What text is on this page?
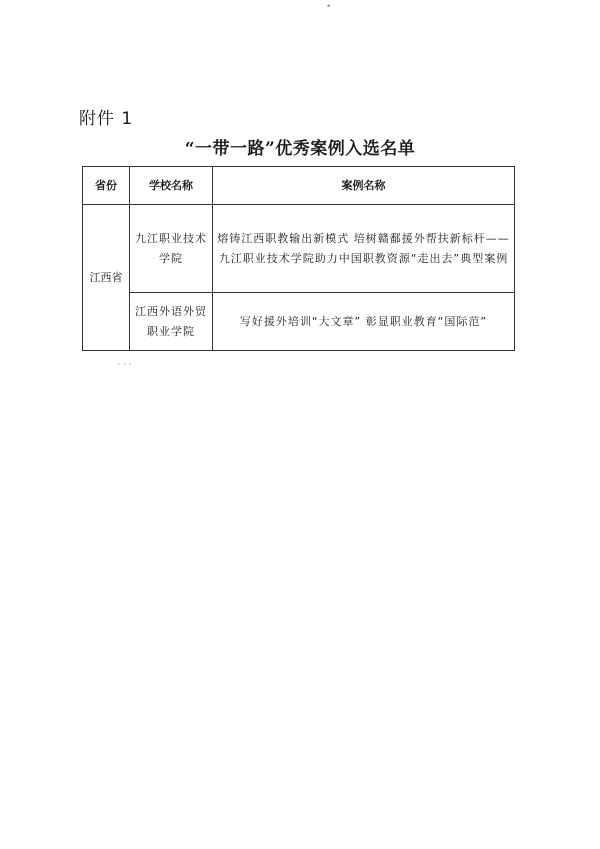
•
附件 1
“一带一路”优秀案例入选名单
省份	学校名称	案例名称
江西省	九江职业技术学院	熔铸江西职教输出新模式 培树赣鄱援外帮扶新标杆——九江职业技术学院助力中国职教资源“走出去”典型案例
	江西外语外贸职业学院	写好援外培训“大文章” 彰显职业教育“国际范”
′ ′ ′
